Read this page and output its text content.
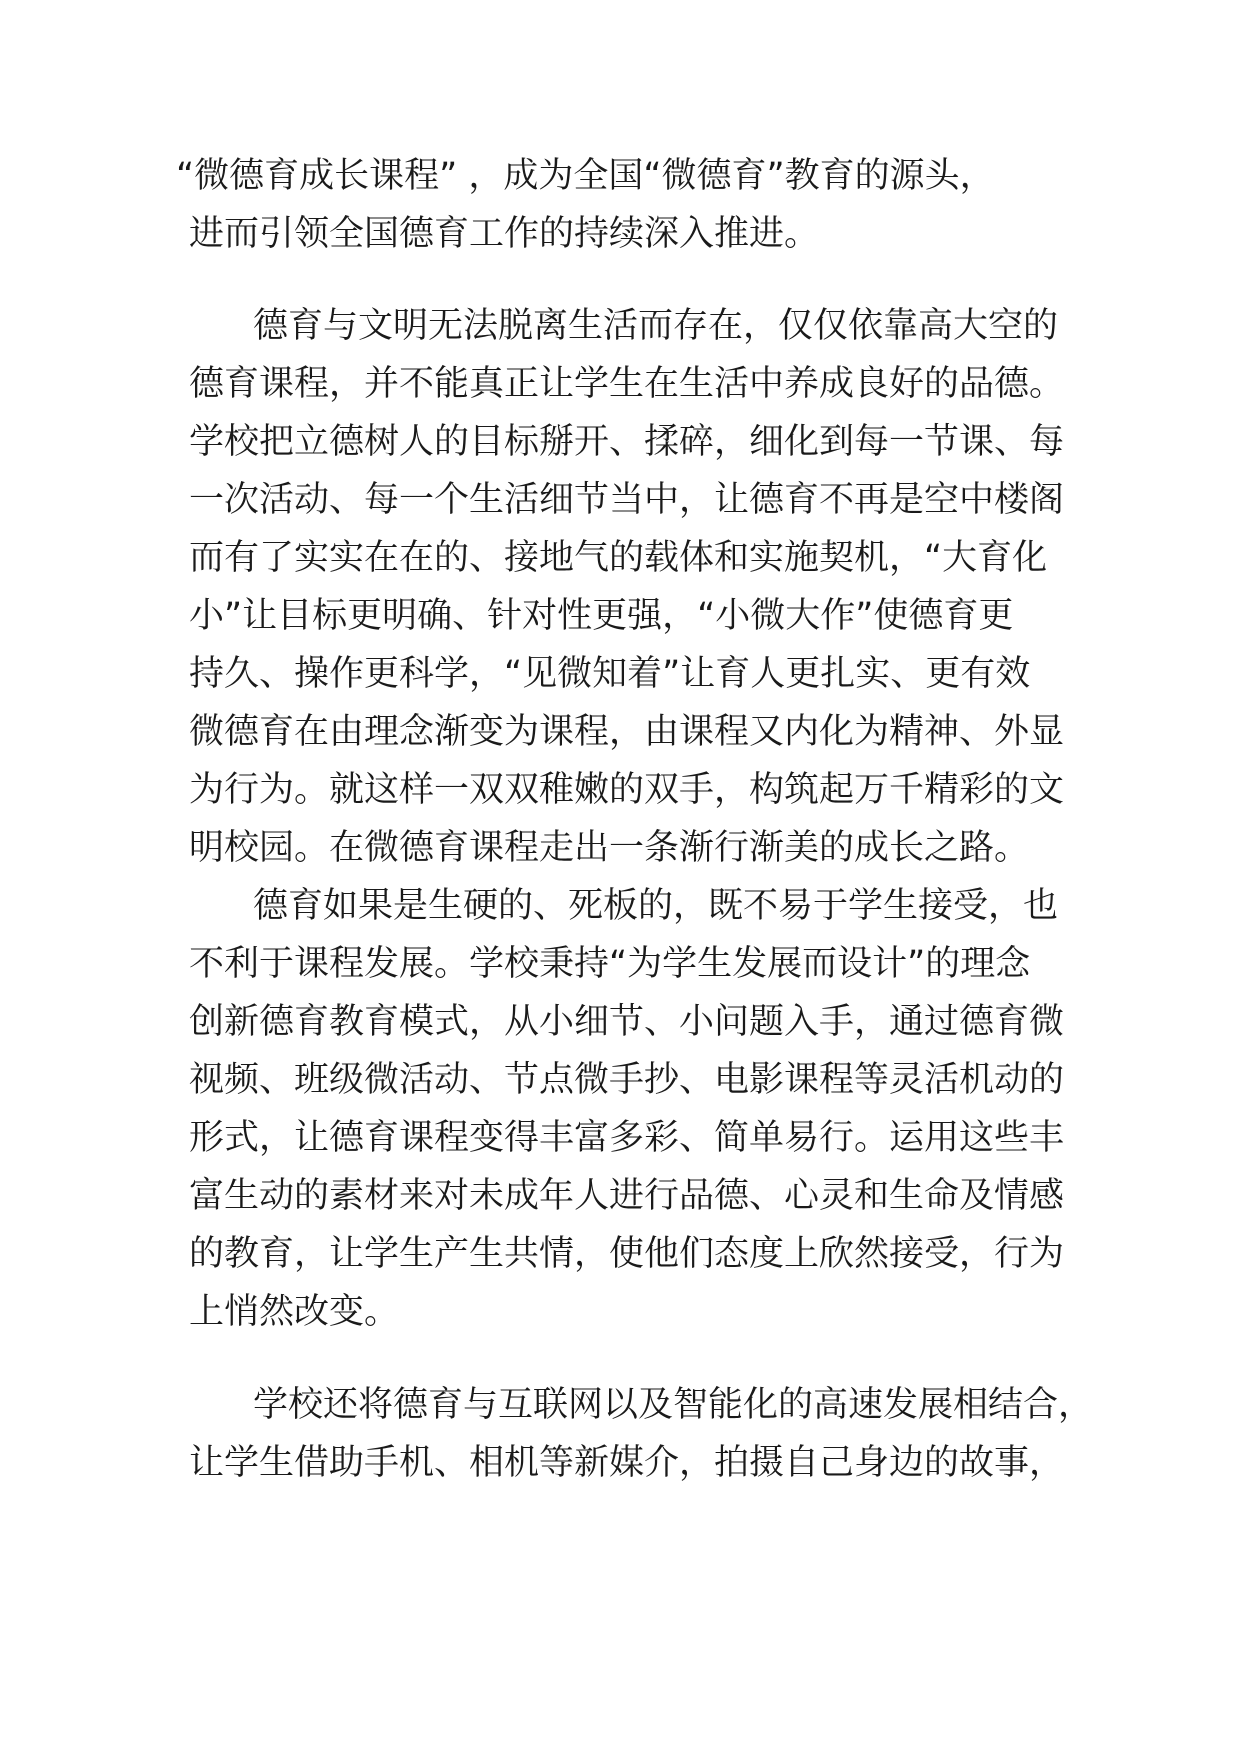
“微德育成长课程” ，成为全国“微德育”教育的源头，
进而引领全国德育工作的持续深入推进。
德育与文明无法脱离生活而存在，仅仅依靠高大空的
德育课程，并不能真正让学生在生活中养成良好的品德。
学校把立德树人的目标掰开、揉碎，细化到每一节课、每
一次活动、每一个生活细节当中，让德育不再是空中楼阁
而有了实实在在的、接地气的载体和实施契机，“大育化
小”让目标更明确、针对性更强，“小微大作”使德育更
持久、操作更科学，“见微知着”让育人更扎实、更有效
微德育在由理念渐变为课程，由课程又内化为精神、外显
为行为。就这样一双双稚嫩的双手，构筑起万千精彩的文
明校园。在微德育课程走出一条渐行渐美的成长之路。
德育如果是生硬的、死板的，既不易于学生接受，也
不利于课程发展。学校秉持“为学生发展而设计”的理念
创新德育教育模式，从小细节、小问题入手，通过德育微
视频、班级微活动、节点微手抄、电影课程等灵活机动的
形式，让德育课程变得丰富多彩、简单易行。运用这些丰
富生动的素材来对未成年人进行品德、心灵和生命及情感
的教育，让学生产生共情，使他们态度上欣然接受，行为
上悄然改变。
学校还将德育与互联网以及智能化的高速发展相结合，
让学生借助手机、相机等新媒介，拍摄自己身边的故事，
